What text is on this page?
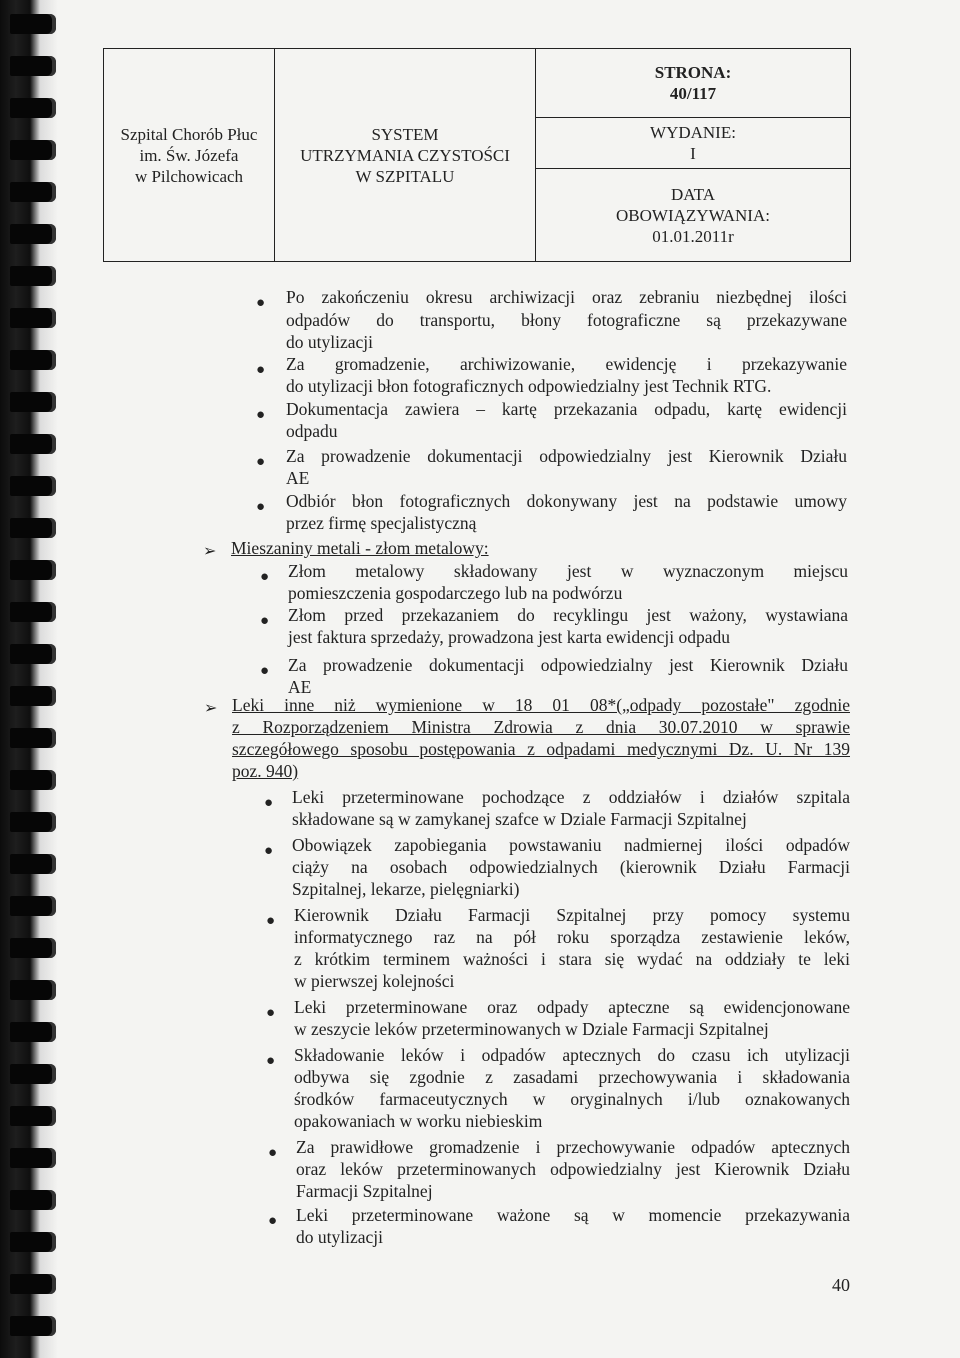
Szpital Chorób Płuc
im. Św. Józefa
w Pilchowicach
SYSTEM
UTRZYMANIA CZYSTOŚCI
W SZPITALU
STRONA:
40/117
WYDANIE:
I
DATA
OBOWIĄZYWANIA:
01.01.2011r
● Po zakończeniu okresu archiwizacji oraz zebraniu niezbędnej ilości
odpadów do transportu, błony fotograficzne są przekazywane
do utylizacji
● Za gromadzenie, archiwizowanie, ewidencję i przekazywanie
do utylizacji błon fotograficznych odpowiedzialny jest Technik RTG.
● Dokumentacja zawiera – kartę przekazania odpadu, kartę ewidencji
odpadu
● Za prowadzenie dokumentacji odpowiedzialny jest Kierownik Działu
AE
● Odbiór błon fotograficznych dokonywany jest na podstawie umowy
przez firmę specjalistyczną
➢ Mieszaniny metali - złom metalowy:
● Złom metalowy składowany jest w wyznaczonym miejscu
pomieszczenia gospodarczego lub na podwórzu
● Złom przed przekazaniem do recyklingu jest ważony, wystawiana
jest faktura sprzedaży, prowadzona jest karta ewidencji odpadu
● Za prowadzenie dokumentacji odpowiedzialny jest Kierownik Działu
AE
➢ Leki inne niż wymienione w 18 01 08*(„odpady pozostałe" zgodnie
z Rozporządzeniem Ministra Zdrowia z dnia 30.07.2010 w sprawie
szczegółowego sposobu postępowania z odpadami medycznymi Dz. U. Nr 139
poz. 940)
● Leki przeterminowane pochodzące z oddziałów i działów szpitala
składowane są w zamykanej szafce w Dziale Farmacji Szpitalnej
● Obowiązek zapobiegania powstawaniu nadmiernej ilości odpadów
ciąży na osobach odpowiedzialnych (kierownik Działu Farmacji
Szpitalnej, lekarze, pielęgniarki)
● Kierownik Działu Farmacji Szpitalnej przy pomocy systemu
informatycznego raz na pół roku sporządza zestawienie leków,
z krótkim terminem ważności i stara się wydać na oddziały te leki
w pierwszej kolejności
● Leki przeterminowane oraz odpady apteczne są ewidencjonowane
w zeszycie leków przeterminowanych w Dziale Farmacji Szpitalnej
● Składowanie leków i odpadów aptecznych do czasu ich utylizacji
odbywa się zgodnie z zasadami przechowywania i składowania
środków farmaceutycznych w oryginalnych i/lub oznakowanych
opakowaniach w worku niebieskim
● Za prawidłowe gromadzenie i przechowywanie odpadów aptecznych
oraz leków przeterminowanych odpowiedzialny jest Kierownik Działu
Farmacji Szpitalnej
● Leki przeterminowane ważone są w momencie przekazywania
do utylizacji
40
